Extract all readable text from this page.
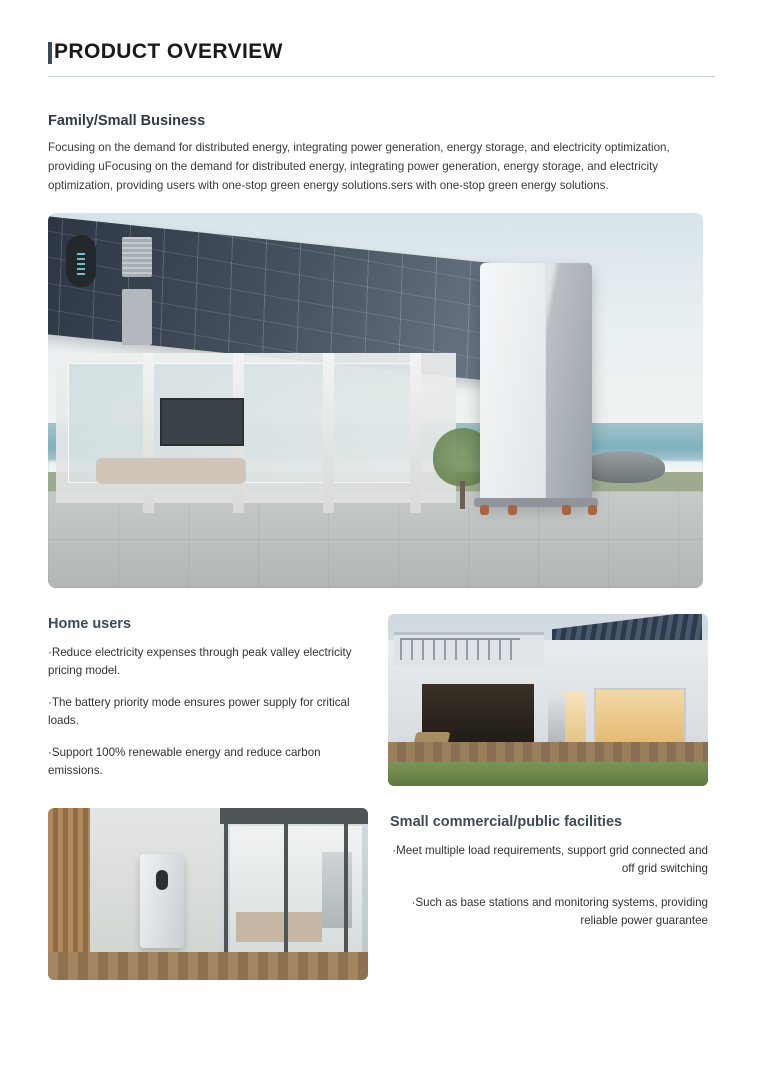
PRODUCT OVERVIEW
Family/Small Business

Focusing on the demand for distributed energy, integrating power generation, energy storage, and electricity optimization, providing uFocusing on the demand for distributed energy, integrating power generation, energy storage, and electricity optimization, providing users with one-stop green energy solutions.sers with one-stop green energy solutions.

Home users

·Reduce electricity expenses through peak valley electricity pricing model.

·The battery priority mode ensures power supply for critical loads.

·Support 100% renewable energy and reduce carbon emissions.

Small commercial/public facilities

·Meet multiple load requirements, support grid connected and off grid switching

·Such as base stations and monitoring systems, providing reliable power guarantee
